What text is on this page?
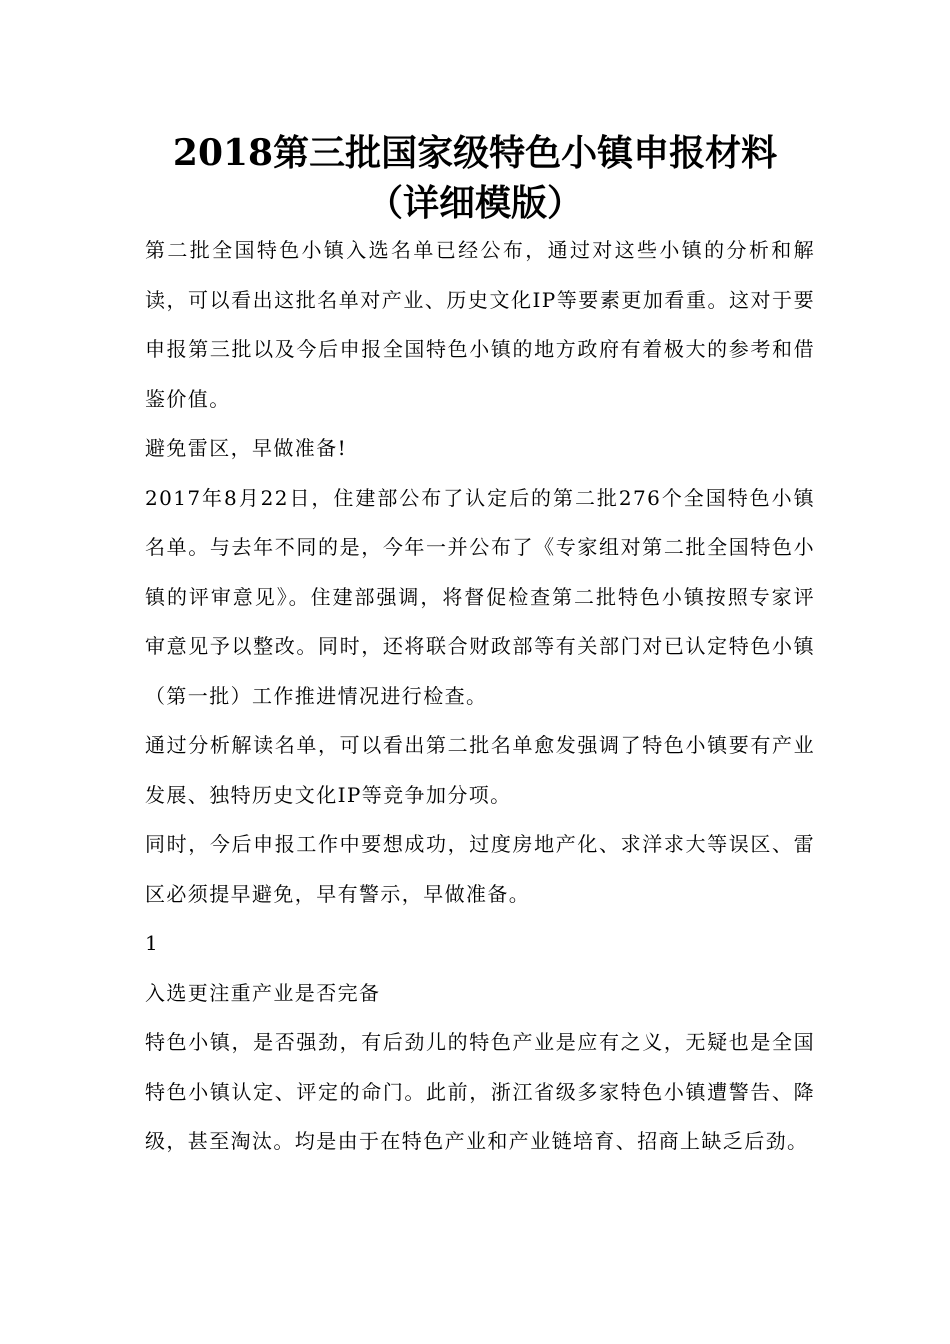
2018第三批国家级特色小镇申报材料
（详细模版）

第二批全国特色小镇入选名单已经公布，通过对这些小镇的分析和解读，可以看出这批名单对产业、历史文化IP等要素更加看重。这对于要申报第三批以及今后申报全国特色小镇的地方政府有着极大的参考和借鉴价值。

避免雷区，早做准备!

2017年8月22日，住建部公布了认定后的第二批276个全国特色小镇名单。与去年不同的是，今年一并公布了《专家组对第二批全国特色小镇的评审意见》。住建部强调，将督促检查第二批特色小镇按照专家评审意见予以整改。同时，还将联合财政部等有关部门对已认定特色小镇（第一批）工作推进情况进行检查。

通过分析解读名单，可以看出第二批名单愈发强调了特色小镇要有产业发展、独特历史文化IP等竞争加分项。

同时，今后申报工作中要想成功，过度房地产化、求洋求大等误区、雷区必须提早避免，早有警示，早做准备。

1

入选更注重产业是否完备

特色小镇，是否强劲，有后劲儿的特色产业是应有之义，无疑也是全国特色小镇认定、评定的命门。此前，浙江省级多家特色小镇遭警告、降级，甚至淘汰。均是由于在特色产业和产业链培育、招商上缺乏后劲。
